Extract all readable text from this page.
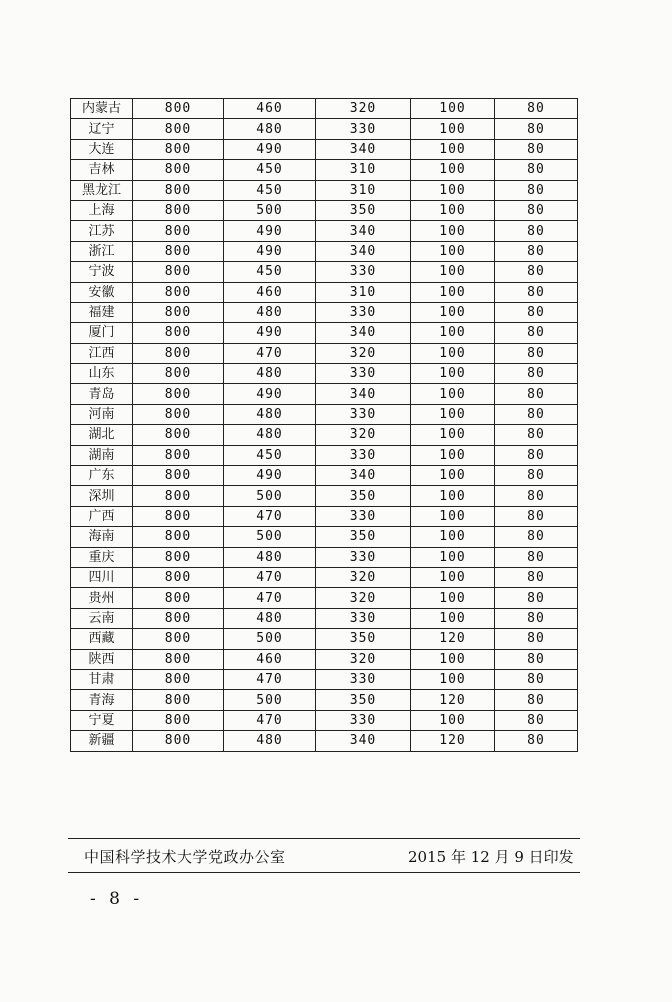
内蒙古	800	460	320	100	80
辽宁	800	480	330	100	80
大连	800	490	340	100	80
吉林	800	450	310	100	80
黑龙江	800	450	310	100	80
上海	800	500	350	100	80
江苏	800	490	340	100	80
浙江	800	490	340	100	80
宁波	800	450	330	100	80
安徽	800	460	310	100	80
福建	800	480	330	100	80
厦门	800	490	340	100	80
江西	800	470	320	100	80
山东	800	480	330	100	80
青岛	800	490	340	100	80
河南	800	480	330	100	80
湖北	800	480	320	100	80
湖南	800	450	330	100	80
广东	800	490	340	100	80
深圳	800	500	350	100	80
广西	800	470	330	100	80
海南	800	500	350	100	80
重庆	800	480	330	100	80
四川	800	470	320	100	80
贵州	800	470	320	100	80
云南	800	480	330	100	80
西藏	800	500	350	120	80
陕西	800	460	320	100	80
甘肃	800	470	330	100	80
青海	800	500	350	120	80
宁夏	800	470	330	100	80
新疆	800	480	340	120	80
中国科学技术大学党政办公室	2015 年 12 月 9 日印发
- 8 -
